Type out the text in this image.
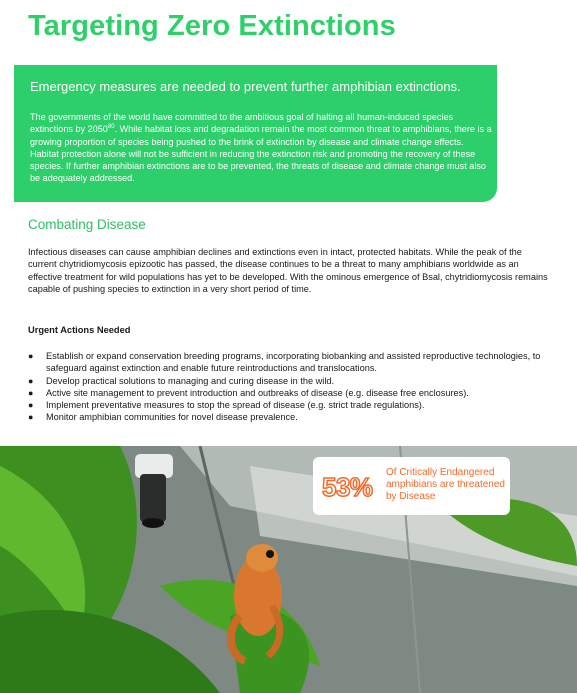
Targeting Zero Extinctions
Emergency measures are needed to prevent further amphibian extinctions.
The governments of the world have committed to the ambitious goal of halting all human-induced species extinctions by 2050$^{80}$. While habitat loss and degradation remain the most common threat to amphibians, there is a growing proportion of species being pushed to the brink of extinction by disease and climate change effects. Habitat protection alone will not be sufficient in reducing the extinction risk and promoting the recovery of these species. If further amphibian extinctions are to be prevented, the threats of disease and climate change must also be adequately addressed.
Combating Disease
Infectious diseases can cause amphibian declines and extinctions even in intact, protected habitats. While the peak of the current chytridiomycosis epizootic has passed, the disease continues to be a threat to many amphibians worldwide as an effective treatment for wild populations has yet to be developed. With the ominous emergence of Bsal, chytridiomycosis remains capable of pushing species to extinction in a very short period of time.
Urgent Actions Needed
● Establish or expand conservation breeding programs, incorporating biobanking and assisted reproductive technologies, to safeguard against extinction and enable future reintroductions and translocations.
● Develop practical solutions to managing and curing disease in the wild.
● Active site management to prevent introduction and outbreaks of disease (e.g. disease free enclosures).
● Implement preventative measures to stop the spread of disease (e.g. strict trade regulations).
● Monitor amphibian communities for novel disease prevalence.
53% Of Critically Endangered amphibians are threatened by Disease
